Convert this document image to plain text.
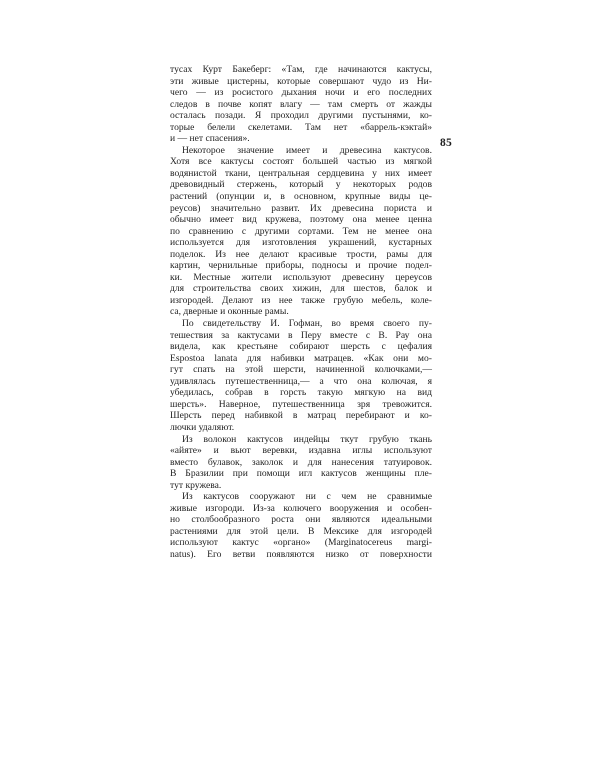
85

тусах Курт Бакеберг: «Там, где начинаются кактусы,

эти живые цистерны, которые совершают чудо из Ни-

чего — из росистого дыхания ночи и его последних

следов в почве копят влагу — там смерть от жажды

осталась позади. Я проходил другими пустынями, ко-

торые белели скелетами. Там нет «баррель-кэктай»

и — нет спасения».

Некоторое значение имеет и древесина кактусов.

Хотя все кактусы состоят большей частью из мягкой

водянистой ткани, центральная сердцевина у них имеет

древовидный стержень, который у некоторых родов

растений (опунции и, в основном, крупные виды це-

реусов) значительно развит. Их древесина пориста и

обычно имеет вид кружева, поэтому она менее ценна

по сравнению с другими сортами. Тем не менее она

используется для изготовления украшений, кустарных

поделок. Из нее делают красивые трости, рамы для

картин, чернильные приборы, подносы и прочие подел-

ки. Местные жители используют древесину цереусов

для строительства своих хижин, для шестов, балок и

изгородей. Делают из нее также грубую мебель, коле-

са, дверные и оконные рамы.

По свидетельству И. Гофман, во время своего пу-

тешествия за кактусами в Перу вместе с В. Рау она

видела, как крестьяне собирают шерсть с цефалия

Espostoa lanata для набивки матрацев. «Как они мо-

гут спать на этой шерсти, начиненной колючками,—

удивлялась путешественница,— а что она колючая, я

убедилась, собрав в горсть такую мягкую на вид

шерсть». Наверное, путешественница зря тревожится.

Шерсть перед набивкой в матрац перебирают и ко-

лючки удаляют.

Из волокон кактусов индейцы ткут грубую ткань

«айяте» и вьют веревки, издавна иглы используют

вместо булавок, заколок и для нанесения татуировок.

В Бразилии при помощи игл кактусов женщины пле-

тут кружева.

Из кактусов сооружают ни с чем не сравнимые

живые изгороди. Из-за колючего вооружения и особен-

но столбообразного роста они являются идеальными

растениями для этой цели. В Мексике для изгородей

используют кактус «органо» (Marginatocereus margi-

natus). Его ветви появляются низко от поверхности
